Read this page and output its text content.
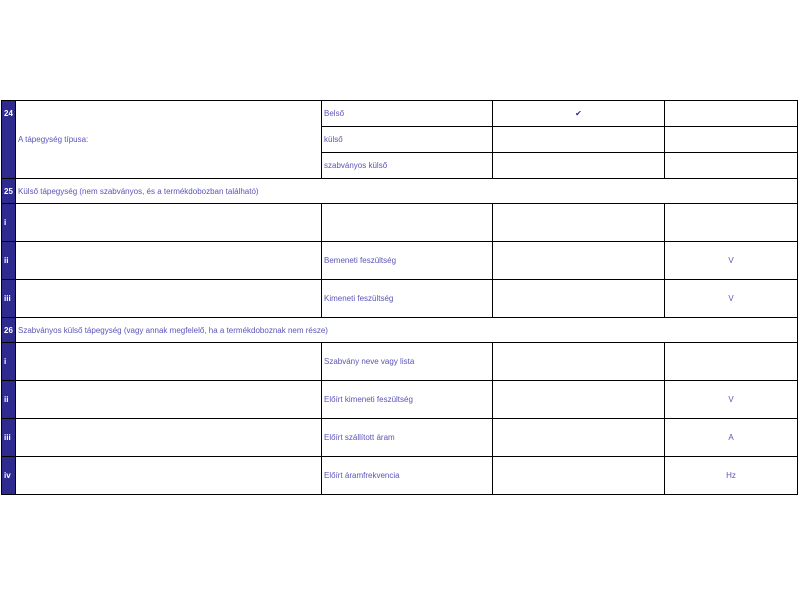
24	A tápegység típusa:	Belső	✔	
		külső		
		szabványos külső		
25	Külső tápegység (nem szabványos, és a termékdobozban található)			
i				
ii		Bemeneti feszültség		V
iii		Kimeneti feszültség		V
26	Szabványos külső tápegység (vagy annak megfelelő, ha a termékdoboznak nem része)			
i		Szabvány neve vagy lista		
ii		Előírt kimeneti feszültség		V
iii		Előírt szállított áram		A
iv		Előírt áramfrekvencia		Hz
